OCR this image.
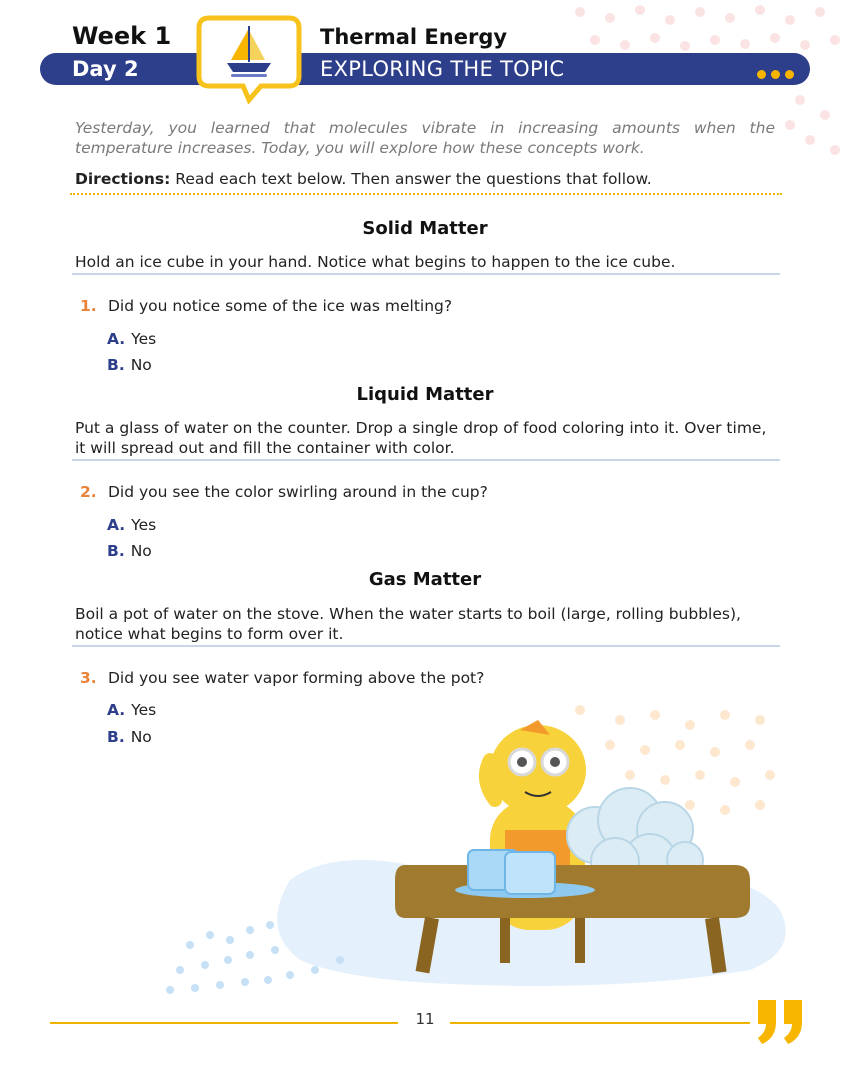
Week 1
Day 2
Thermal Energy
EXPLORING THE TOPIC
Yesterday, you learned that molecules vibrate in increasing amounts when the temperature increases. Today, you will explore how these concepts work.
Directions: Read each text below. Then answer the questions that follow.
Solid Matter
Hold an ice cube in your hand. Notice what begins to happen to the ice cube.
1. Did you notice some of the ice was melting?
A. Yes
B. No
Liquid Matter
Put a glass of water on the counter. Drop a single drop of food coloring into it. Over time, it will spread out and fill the container with color.
2. Did you see the color swirling around in the cup?
A. Yes
B. No
Gas Matter
Boil a pot of water on the stove. When the water starts to boil (large, rolling bubbles), notice what begins to form over it.
3. Did you see water vapor forming above the pot?
A. Yes
B. No
11
